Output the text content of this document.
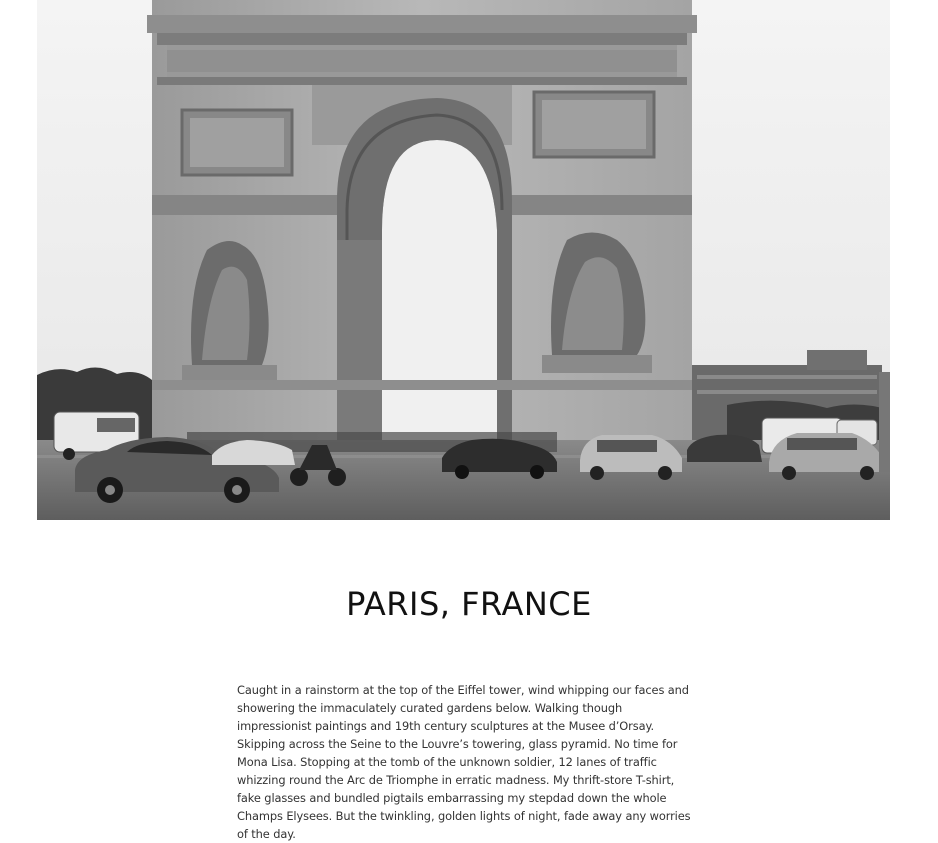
PARIS, FRANCE

Caught in a rainstorm at the top of the Eiffel tower, wind whipping our faces and showering the immaculately curated gardens below. Walking though impressionist paintings and 19th century sculptures at the Musee d’Orsay. Skipping across the Seine to the Louvre’s towering, glass pyramid. No time for Mona Lisa. Stopping at the tomb of the unknown soldier, 12 lanes of traffic whizzing round the Arc de Triomphe in erratic madness. My thrift-store T-shirt, fake glasses and bundled pigtails embarrassing my stepdad down the whole Champs Elysees. But the twinkling, golden lights of night, fade away any worries of the day.
